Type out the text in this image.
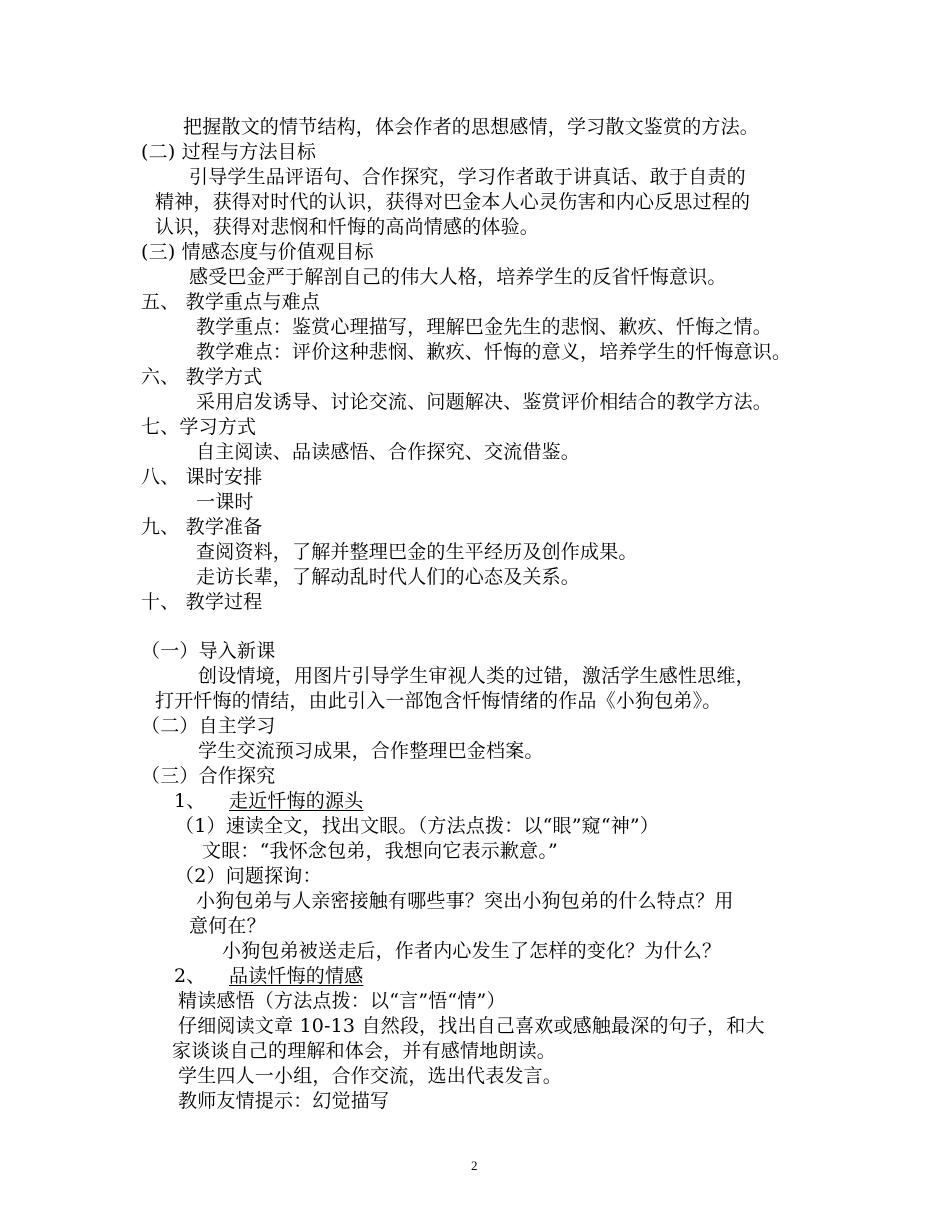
把握散文的情节结构，体会作者的思想感情，学习散文鉴赏的方法。
(二) 过程与方法目标
引导学生品评语句、合作探究，学习作者敢于讲真话、敢于自责的
精神，获得对时代的认识，获得对巴金本人心灵伤害和内心反思过程的
认识，获得对悲悯和忏悔的高尚情感的体验。
(三) 情感态度与价值观目标
感受巴金严于解剖自己的伟大人格，培养学生的反省忏悔意识。
五、 教学重点与难点
教学重点：鉴赏心理描写，理解巴金先生的悲悯、歉疚、忏悔之情。
教学难点：评价这种悲悯、歉疚、忏悔的意义，培养学生的忏悔意识。
六、 教学方式
采用启发诱导、讨论交流、问题解决、鉴赏评价相结合的教学方法。
七、学习方式
自主阅读、品读感悟、合作探究、交流借鉴。
八、 课时安排
一课时
九、 教学准备
查阅资料，了解并整理巴金的生平经历及创作成果。
走访长辈，了解动乱时代人们的心态及关系。
十、 教学过程
（一）导入新课
创设情境，用图片引导学生审视人类的过错，激活学生感性思维，
打开忏悔的情结，由此引入一部饱含忏悔情绪的作品《小狗包弟》。
（二）自主学习
学生交流预习成果，合作整理巴金档案。
（三）合作探究
1、 走近忏悔的源头
（1）速读全文，找出文眼。（方法点拨：以“眼”窥“神”）
文眼：“我怀念包弟，我想向它表示歉意。”
（2）问题探询：
小狗包弟与人亲密接触有哪些事？突出小狗包弟的什么特点？用
意何在？
小狗包弟被送走后，作者内心发生了怎样的变化？为什么？
2、 品读忏悔的情感
精读感悟（方法点拨：以“言”悟“情”）
仔细阅读文章 10-13 自然段，找出自己喜欢或感触最深的句子，和大
家谈谈自己的理解和体会，并有感情地朗读。
学生四人一小组，合作交流，选出代表发言。
教师友情提示：幻觉描写
2
